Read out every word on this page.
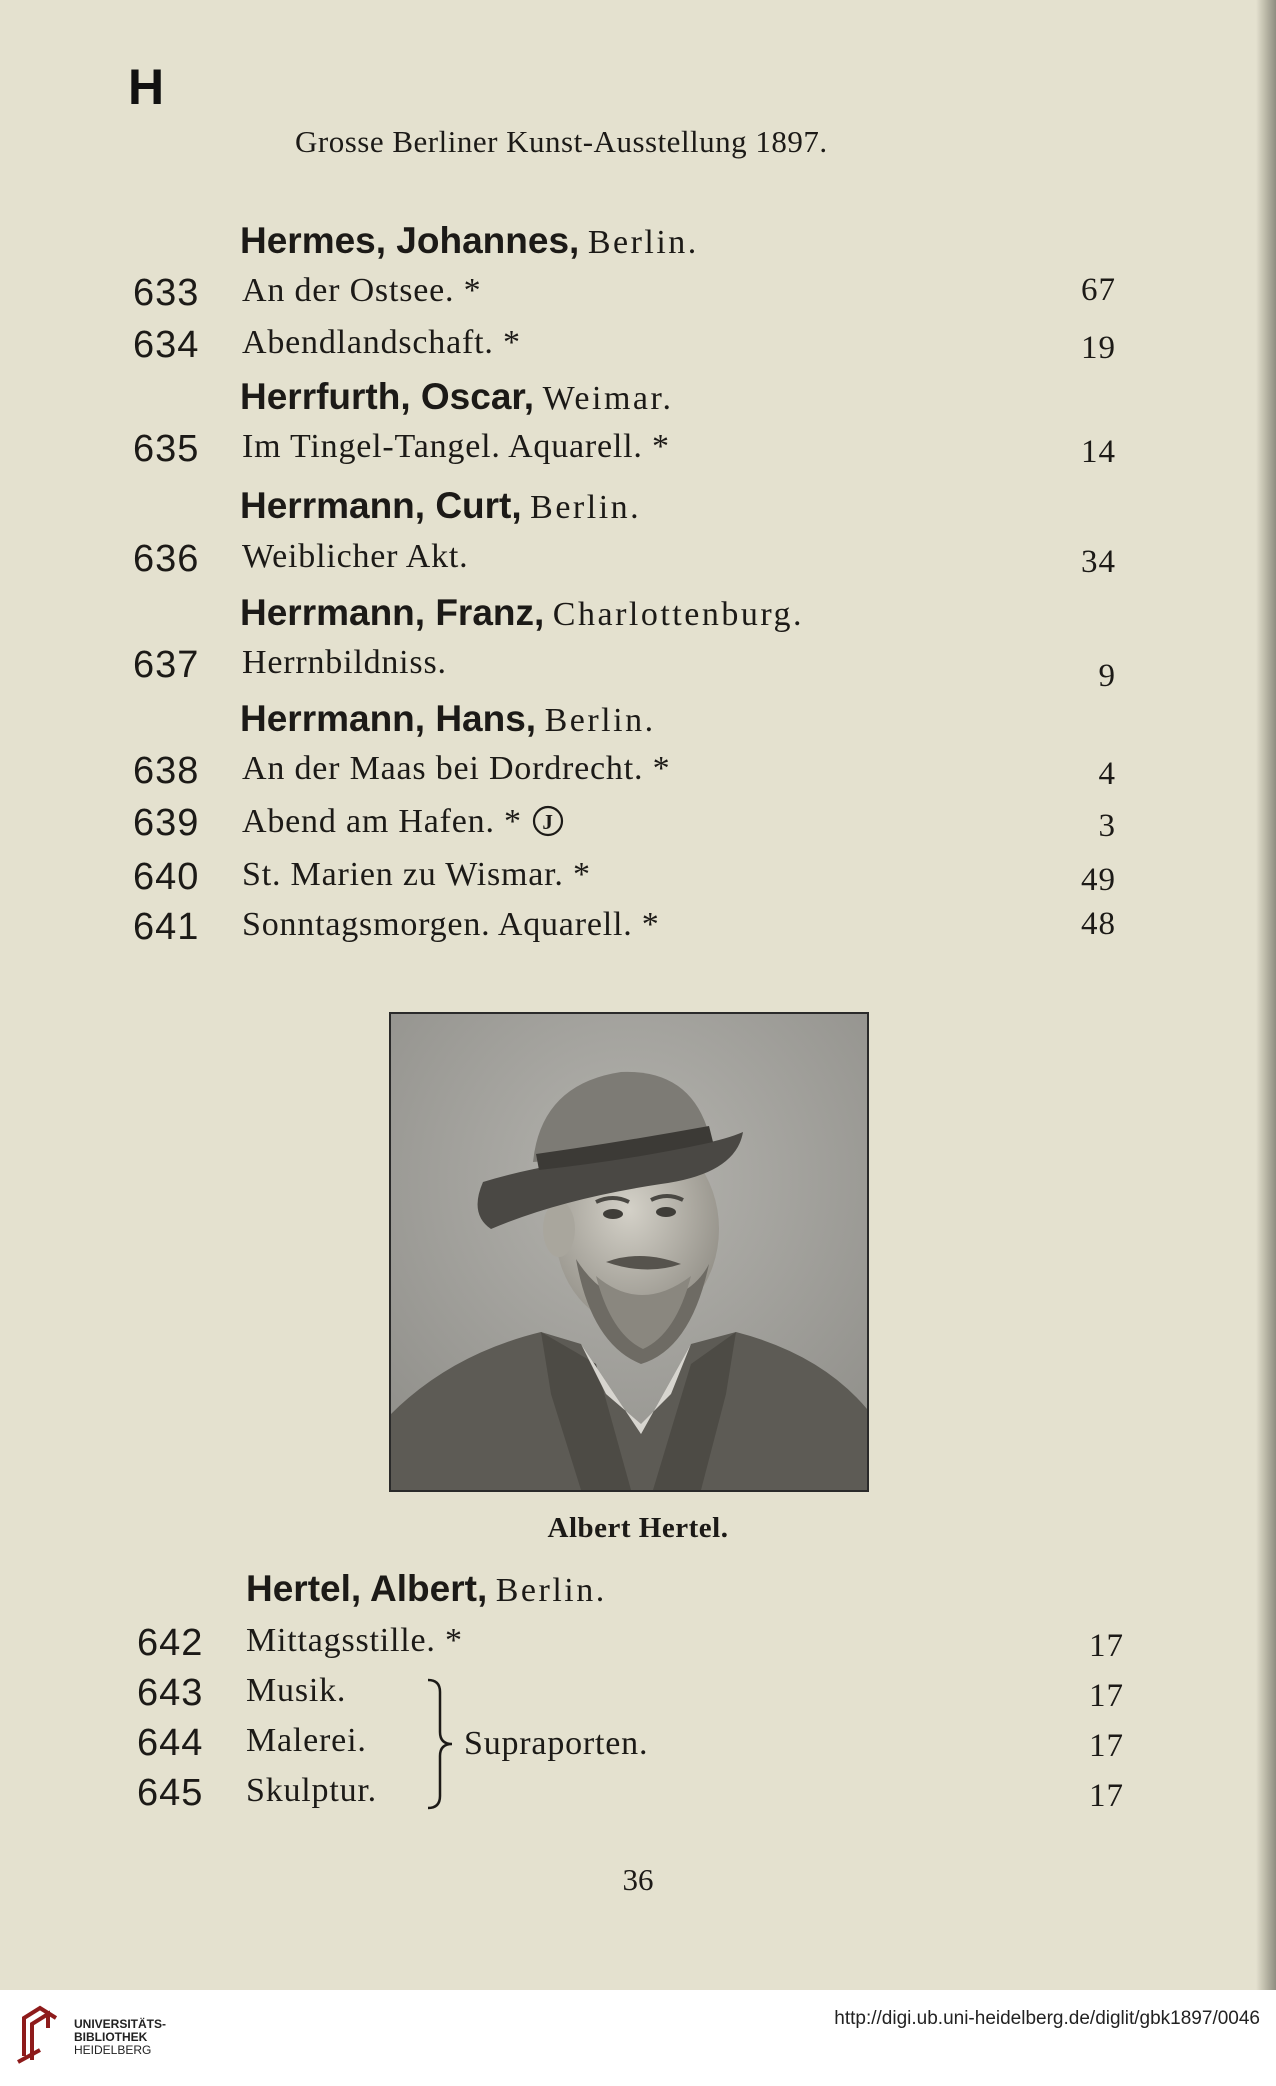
H
Grosse Berliner Kunst-Ausstellung 1897.
Hermes, Johannes, Berlin.
633 An der Ostsee. *	67
634 Abendlandschaft. *	19
Herrfurth, Oscar, Weimar.
635 Im Tingel-Tangel. Aquarell. *	14
Herrmann, Curt, Berlin.
636 Weiblicher Akt.	34
Herrmann, Franz, Charlottenburg.
637 Herrnbildniss.	9
Herrmann, Hans, Berlin.
638 An der Maas bei Dordrecht. *	4
639 Abend am Hafen. * J	3
640 St. Marien zu Wismar. *	49
641 Sonntagsmorgen. Aquarell. *	48
Albert Hertel.
Hertel, Albert, Berlin.
642 Mittagsstille. *	17
643 Musik.	17
644 Malerei.	17
645 Skulptur.	17
Supraporten.
36
UNIVERSITÄTS-
BIBLIOTHEK
HEIDELBERG
http://digi.ub.uni-heidelberg.de/diglit/gbk1897/0046
